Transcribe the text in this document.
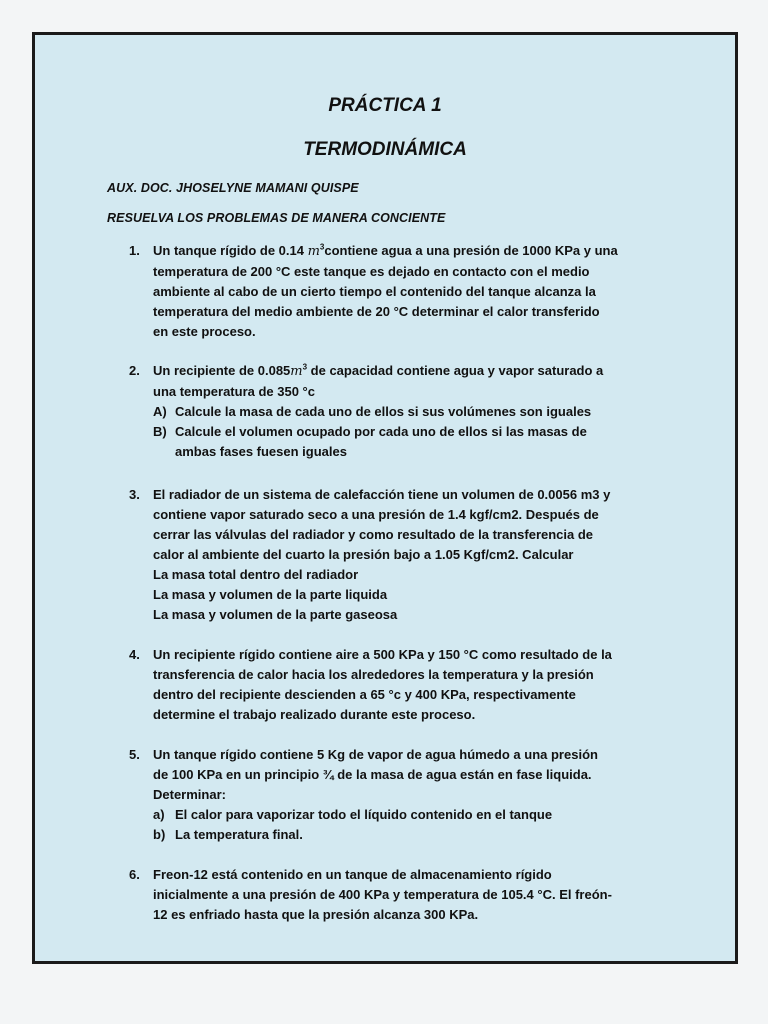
PRÁCTICA 1
TERMODINÁMICA

AUX. DOC. JHOSELYNE MAMANI QUISPE

RESUELVA LOS PROBLEMAS DE MANERA CONCIENTE

1. Un tanque rígido de 0.14 $m^3contiene$ agua a una presión de 1000 KPa y una
temperatura de 200 °C este tanque es dejado en contacto con el medio
ambiente al cabo de un cierto tiempo el contenido del tanque alcanza la
temperatura del medio ambiente de 20 °C determinar el calor transferido
en este proceso.
2. Un recipiente de $0.085m^3$ de capacidad contiene agua y vapor saturado a
una temperatura de 350 °c
A) Calcule la masa de cada uno de ellos si sus volúmenes son iguales
B) Calcule el volumen ocupado por cada uno de ellos si las masas de
ambas fases fuesen iguales
3. El radiador de un sistema de calefacción tiene un volumen de 0.0056 m3 y
contiene vapor saturado seco a una presión de 1.4 kgf/cm2. Después de
cerrar las válvulas del radiador y como resultado de la transferencia de
calor al ambiente del cuarto la presión bajo a 1.05 Kgf/cm2. Calcular
La masa total dentro del radiador
La masa y volumen de la parte liquida
La masa y volumen de la parte gaseosa
4. Un recipiente rígido contiene aire a 500 KPa y 150 °C como resultado de la
transferencia de calor hacia los alrededores la temperatura y la presión
dentro del recipiente descienden a 65 °c y 400 KPa, respectivamente
determine el trabajo realizado durante este proceso.
5. Un tanque rígido contiene 5 Kg de vapor de agua húmedo a una presión
de 100 KPa en un principio ¾ de la masa de agua están en fase liquida.
Determinar:
a) El calor para vaporizar todo el líquido contenido en el tanque
b) La temperatura final.
6. Freon-12 está contenido en un tanque de almacenamiento rígido
inicialmente a una presión de 400 KPa y temperatura de 105.4 °C. El freón-
12 es enfriado hasta que la presión alcanza 300 KPa.
